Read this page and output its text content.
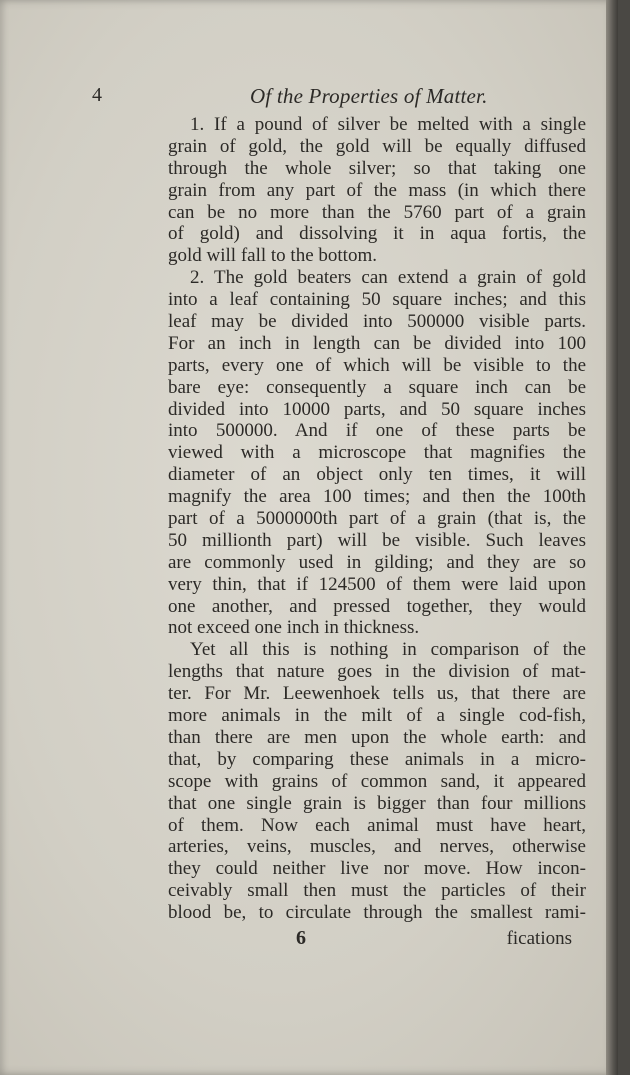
4	Of the Properties of Matter.
1. If a pound of silver be melted with a single
grain of gold, the gold will be equally diffused
through the whole silver; so that taking one
grain from any part of the mass (in which there
can be no more than the 5760 part of a grain
of gold) and dissolving it in aqua fortis, the
gold will fall to the bottom.
2. The gold beaters can extend a grain of gold
into a leaf containing 50 square inches; and this
leaf may be divided into 500000 visible parts.
For an inch in length can be divided into 100
parts, every one of which will be visible to the
bare eye: consequently a square inch can be
divided into 10000 parts, and 50 square inches
into 500000. And if one of these parts be
viewed with a microscope that magnifies the
diameter of an object only ten times, it will
magnify the area 100 times; and then the 100th
part of a 5000000th part of a grain (that is, the
50 millionth part) will be visible. Such leaves
are commonly used in gilding; and they are so
very thin, that if 124500 of them were laid upon
one another, and pressed together, they would
not exceed one inch in thickness.
Yet all this is nothing in comparison of the
lengths that nature goes in the division of mat-
ter. For Mr. Leewenhoek tells us, that there are
more animals in the milt of a single cod-fish,
than there are men upon the whole earth: and
that, by comparing these animals in a micro-
scope with grains of common sand, it appeared
that one single grain is bigger than four millions
of them. Now each animal must have heart,
arteries, veins, muscles, and nerves, otherwise
they could neither live nor move. How incon-
ceivably small then must the particles of their
blood be, to circulate through the smallest rami-
6	fications
